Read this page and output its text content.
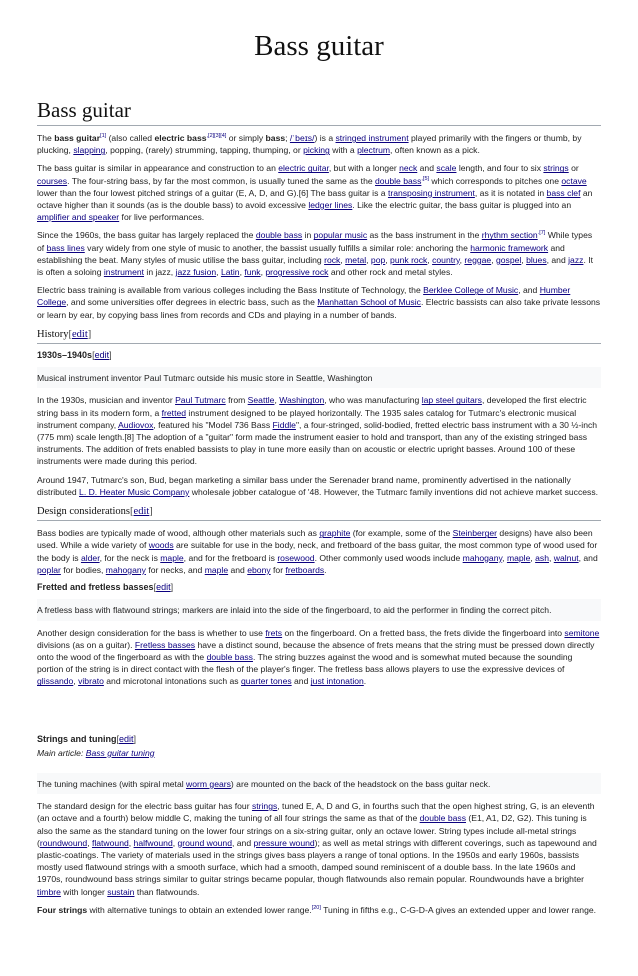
Bass guitar
Bass guitar

The bass guitar[1] (also called electric bass$^{,[2][3][4]}$ or simply bass; /ˈbeɪs/) is a stringed instrument played primarily with the fingers or thumb, by plucking, slapping, popping, (rarely) strumming, tapping, thumping, or picking with a plectrum, often known as a pick.

The bass guitar is similar in appearance and construction to an electric guitar, but with a longer neck and scale length, and four to six strings or courses. The four-string bass, by far the most common, is usually tuned the same as the double bass$^{,[5]}$ which corresponds to pitches one octave lower than the four lowest pitched strings of a guitar (E, A, D, and G).[6] The bass guitar is a transposing instrument, as it is notated in bass clef an octave higher than it sounds (as is the double bass) to avoid excessive ledger lines. Like the electric guitar, the bass guitar is plugged into an amplifier and speaker for live performances.

Since the 1960s, the bass guitar has largely replaced the double bass in popular music as the bass instrument in the rhythm section$^{.[7]}$ While types of bass lines vary widely from one style of music to another, the bassist usually fulfills a similar role: anchoring the harmonic framework and establishing the beat. Many styles of music utilise the bass guitar, including rock, metal, pop, punk rock, country, reggae, gospel, blues, and jazz. It is often a soloing instrument in jazz, jazz fusion, Latin, funk, progressive rock and other rock and metal styles.

Electric bass training is available from various colleges including the Bass Institute of Technology, the Berklee College of Music, and Humber College, and some universities offer degrees in electric bass, such as the Manhattan School of Music. Electric bassists can also take private lessons or learn by ear, by copying bass lines from records and CDs and playing in a number of bands.

History[edit]
1930s–1940s[edit]
Musical instrument inventor Paul Tutmarc outside his music store in Seattle, Washington

In the 1930s, musician and inventor Paul Tutmarc from Seattle, Washington, who was manufacturing lap steel guitars, developed the first electric string bass in its modern form, a fretted instrument designed to be played horizontally. The 1935 sales catalog for Tutmarc's electronic musical instrument company, Audiovox, featured his "Model 736 Bass Fiddle", a four-stringed, solid-bodied, fretted electric bass instrument with a 30 ½-inch (775 mm) scale length.[8] The adoption of a "guitar" form made the instrument easier to hold and transport, than any of the existing stringed bass instruments. The addition of frets enabled bassists to play in tune more easily than on acoustic or electric upright basses. Around 100 of these instruments were made during this period.

Around 1947, Tutmarc's son, Bud, began marketing a similar bass under the Serenader brand name, prominently advertised in the nationally distributed L. D. Heater Music Company wholesale jobber catalogue of '48. However, the Tutmarc family inventions did not achieve market success.

Design considerations[edit]

Bass bodies are typically made of wood, although other materials such as graphite (for example, some of the Steinberger designs) have also been used. While a wide variety of woods are suitable for use in the body, neck, and fretboard of the bass guitar, the most common type of wood used for the body is alder, for the neck is maple, and for the fretboard is rosewood. Other commonly used woods include mahogany, maple, ash, walnut, and poplar for bodies, mahogany for necks, and maple and ebony for fretboards.

Fretted and fretless basses[edit]
A fretless bass with flatwound strings; markers are inlaid into the side of the fingerboard, to aid the performer in finding the correct pitch.

Another design consideration for the bass is whether to use frets on the fingerboard. On a fretted bass, the frets divide the fingerboard into semitone divisions (as on a guitar). Fretless basses have a distinct sound, because the absence of frets means that the string must be pressed down directly onto the wood of the fingerboard as with the double bass. The string buzzes against the wood and is somewhat muted because the sounding portion of the string is in direct contact with the flesh of the player's finger. The fretless bass allows players to use the expressive devices of glissando, vibrato and microtonal intonations such as quarter tones and just intonation.

Strings and tuning[edit]
Main article: Bass guitar tuning
The tuning machines (with spiral metal worm gears) are mounted on the back of the headstock on the bass guitar neck.

The standard design for the electric bass guitar has four strings, tuned E, A, D and G, in fourths such that the open highest string, G, is an eleventh (an octave and a fourth) below middle C, making the tuning of all four strings the same as that of the double bass (E1, A1, D2, G2). This tuning is also the same as the standard tuning on the lower four strings on a six-string guitar, only an octave lower. String types include all-metal strings (roundwound, flatwound, halfwound, ground wound, and pressure wound); as well as metal strings with different coverings, such as tapewound and plastic-coatings. The variety of materials used in the strings gives bass players a range of tonal options. In the 1950s and early 1960s, bassists mostly used flatwound strings with a smooth surface, which had a smooth, damped sound reminiscent of a double bass. In the late 1960s and 1970s, roundwound bass strings similar to guitar strings became popular, though flatwounds also remain popular. Roundwounds have a brighter timbre with longer sustain than flatwounds.

Four strings with alternative tunings to obtain an extended lower range.[20] Tuning in fifths e.g., C-G-D-A gives an extended upper and lower range.
